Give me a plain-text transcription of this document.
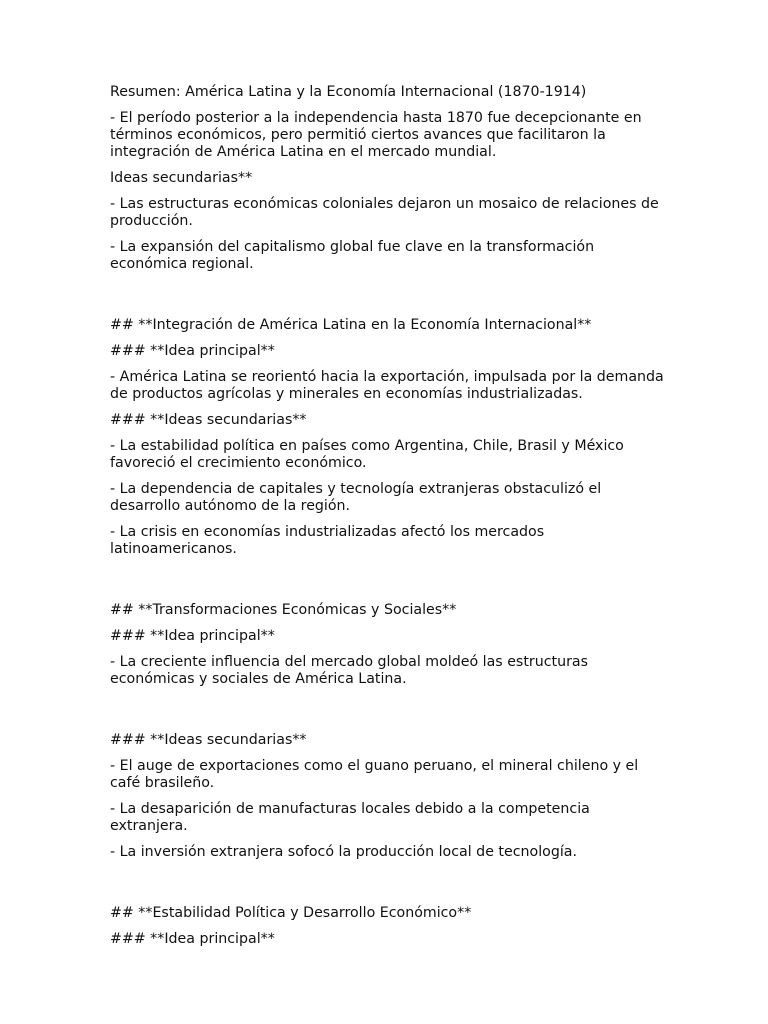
Resumen: América Latina y la Economía Internacional (1870-1914)

- El período posterior a la independencia hasta 1870 fue decepcionante en términos económicos, pero permitió ciertos avances que facilitaron la integración de América Latina en el mercado mundial.

Ideas secundarias**

- Las estructuras económicas coloniales dejaron un mosaico de relaciones de producción.

- La expansión del capitalismo global fue clave en la transformación económica regional.

## **Integración de América Latina en la Economía Internacional**

### **Idea principal**

- América Latina se reorientó hacia la exportación, impulsada por la demanda de productos agrícolas y minerales en economías industrializadas.

### **Ideas secundarias**

- La estabilidad política en países como Argentina, Chile, Brasil y México favoreció el crecimiento económico.

- La dependencia de capitales y tecnología extranjeras obstaculizó el desarrollo autónomo de la región.

- La crisis en economías industrializadas afectó los mercados latinoamericanos.

## **Transformaciones Económicas y Sociales**

### **Idea principal**

- La creciente influencia del mercado global moldeó las estructuras económicas y sociales de América Latina.

### **Ideas secundarias**

- El auge de exportaciones como el guano peruano, el mineral chileno y el café brasileño.

- La desaparición de manufacturas locales debido a la competencia extranjera.

- La inversión extranjera sofocó la producción local de tecnología.

## **Estabilidad Política y Desarrollo Económico**

### **Idea principal**
